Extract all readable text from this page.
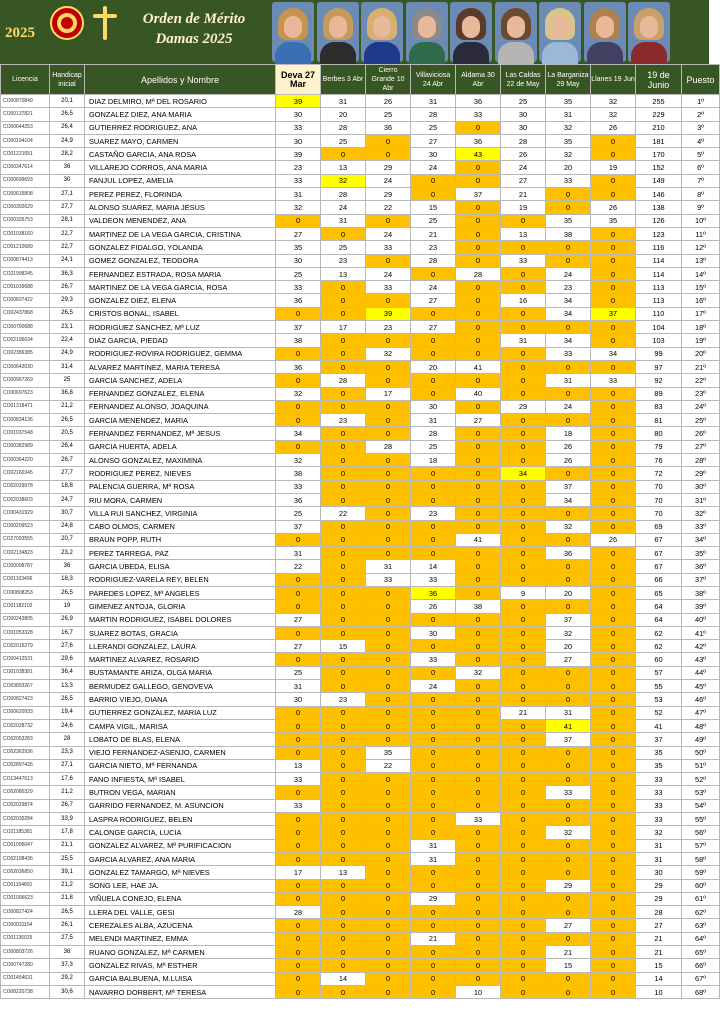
2025
Orden de Mérito
Damas 2025
Licencia	Handicap inicial	Apellidos y Nombre	Deva 27 Mar	Berbes 3 Abr	Cierro Grande 10 Abr	Villaviciosa 24 Abr	Aldama 30 Abr	Las Caldas 22 de May	La Barganiza 29 May	Llanes 19 Jun	19 de Junio	Puesto
CO00870849	20,1	DIAZ DELMIRO, Mª DEL ROSARIO	39	31	26	31	36	25	35	32	255	1º
CO00137821	26,5	GONZALEZ DIEZ, ANA MARIA	30	20	25	28	33	30	31	32	229	2º
CO00644253	26,4	GUTIERREZ RODRIGUEZ, ANA	33	28	36	25	0	30	32	26	210	3º
CO00194104	24,9	SUAREZ MAYO, CARMEN	30	25	0	27	36	28	35	0	181	4º
CO01221651	28,2	CASTAÑO GARCIA, ANA ROSA	39	0	0	30	43	26	32	0	170	5º
CO00347614	36	VILLAREJO CORROS, ANA MARIA	23	13	29	24	0	24	20	19	152	6º
CO00699693	30	FANJUL LOPEZ, AMELIA	33	32	24	0	0	27	33	0	149	7º
CO00615808	27,1	PEREZ PEREZ, FLORINDA	31	28	29	0	37	21	0	0	146	8º
CO00392629	27,7	ALONSO SUAREZ, MARIA JESUS	32	24	22	15	0	19	0	26	138	9º
CO00326753	28,1	VALDEON MENENDEZ, ANA	0	31	0	25	0	0	35	35	126	10º
CO01038160	22,7	MARTINEZ DE LA VEGA GARCIA, CRISTINA	27	0	24	21	0	13	38	0	123	11º
CO01210689	22,7	GONZALEZ FIDALGO, YOLANDA	35	25	33	23	0	0	0	0	116	12º
CO00874413	24,1	GOMEZ GONZALEZ, TEODORA	30	23	0	28	0	33	0	0	114	13º
CO21998245	36,3	FERNANDEZ ESTRADA, ROSA MARIA	25	13	24	0	28	0	24	0	114	14º
CO01039688	26,7	MARTINEZ DE LA VEGA GARCIA, ROSA	33	0	33	24	0	0	23	0	113	15º
CO00837422	29,3	GONZALEZ DIEZ, ELENA	36	0	0	27	0	16	34	0	113	16º
CO02437868	26,5	CRISTOS BONAL, ISABEL	0	0	39	0	0	0	34	37	110	17º
CO00790688	23,1	RODRIGUEZ SANCHEZ, Mª LUZ	37	17	23	27	0	0	0	0	104	18º
CO02196634	22,4	DIAZ GARCIA, PIEDAD	38	0	0	0	0	31	34	0	103	19º
CO02386385	24,9	RODRIGUEZ-ROVIRA RODRIGUEZ, GEMMA	0	0	32	0	0	0	33	34	99	20º
CO00642030	31,4	ALVAREZ MARTINEZ, MARIA TERESA	36	0	0	20	41	0	0	0	97	21º
CO00967269	25	GARCIA SANCHEZ, ADELA	0	28	0	0	0	0	31	33	92	22º
CO00697623	36,8	FERNANDEZ GONZALEZ, ELENA	32	0	17	0	40	0	0	0	89	23º
CO01318471	21,2	FERNANDEZ ALONSO, JOAQUINA	0	0	0	30	0	29	24	0	83	24º
CO00834136	26,5	GARCIA MENENDEZ, MARIA	0	23	0	31	27	0	0	0	81	25º
CO01037548	20,5	FERNANDEZ FERNANDEZ, Mª JESUS	34	0	0	28	0	0	18	0	80	26º
CO00382989	26,4	GARCIA HUERTA, ADELA	0	0	28	25	0	0	26	0	79	27º
CO00364220	26,7	ALONSO GONZALEZ, MAXIMINA	32	0	0	18	0	0	26	0	76	28º
CO02160345	27,7	RODRIGUEZ PEREZ, NIEVES	38	0	0	0	0	34	0	0	72	29º
CO02029978	18,8	PALENCIA GUERRA, Mª ROSA	33	0	0	0	0	0	37	0	70	30º
CO02038603	24,7	RIU MORA, CARMEN	36	0	0	0	0	0	34	0	70	31º
CO00431929	30,7	VILLA RUI SANCHEZ, VIRGINIA	25	22	0	23	0	0	0	0	70	32º
CO00209523	24,8	CABO OLMOS, CARMEN	37	0	0	0	0	0	32	0	69	33º
CO27093555	20,7	BRAUN POPP, RUTH	0	0	0	0	41	0	0	26	67	34º
CO02134823	23,2	PEREZ TARREGA, PAZ	31	0	0	0	0	0	36	0	67	35º
CO00098787	36	GARCIA UBEDA, ELISA	22	0	31	14	0	0	0	0	67	36º
CO01103496	18,3	RODRIGUEZ-VARELA REY, BELEN	0	0	33	33	0	0	0	0	66	37º
CO00808253	26,5	PAREDES LOPEZ, Mª ANGELES	0	0	0	36	0	9	20	0	65	38º
CO01182102	19	GIMENEZ ANTOJA, GLORIA	0	0	0	26	38	0	0	0	64	39º
CO00243805	26,9	MARTIN RODRIGUEZ, ISABEL DOLORES	27	0	0	0	0	0	37	0	64	40º
CO01053328	16,7	SUAREZ BOTAS, GRACIA	0	0	0	30	0	0	32	0	62	41º
CO02015279	27,6	LLERANDI GONZALEZ, LAURA	27	15	0	0	0	0	20	0	62	42º
CO00412531	29,6	MARTINEZ ALVAREZ, ROSARIO	0	0	0	33	0	0	27	0	60	43º
CO01038381	36,4	BUSTAMANTE ARIZA, OLGA MARIA	25	0	0	0	32	0	0	0	57	44º
CO03893267	13,3	BERMUDEZ GALLEGO, GENOVEVA	31	0	0	24	0	0	0	0	55	45º
CO00827423	26,5	BARRIO VIEJO, DIANA	30	23	0	0	0	0	0	0	53	46º
CO00620933	19,4	GUTIERREZ GONZALEZ, MARIA LUZ	0	0	0	0	0	21	31	0	52	47º
CO02028732	24,6	CAMPA VIGIL, MARISA	0	0	0	0	0	0	41	0	41	48º
CO02053283	28	LOBATO DE BLAS, ELENA	0	0	0	0	0	0	37	0	37	49º
CO02362936	23,3	VIEJO FERNANDEZ-ASENJO, CARMEN	0	0	35	0	0	0	0	0	35	50º
CO02897426	27,1	GARCIA NIETO, Mª FERNANDA	13	0	22	0	0	0	0	0	35	51º
CO13447613	17,6	FANO INFIESTA, Mª ISABEL	33	0	0	0	0	0	0	0	33	52º
CO02080329	21,2	BUTRON VEGA, MARIAN	0	0	0	0	0	0	33	0	33	53º
CO02029874	26,7	GARRIDO FERNANDEZ, M. ASUNCION	33	0	0	0	0	0	0	0	33	54º
CO02035284	33,9	LASPRA RODRIGUEZ, BELEN	0	0	0	0	33	0	0	0	33	55º
CO21185381	17,8	CALONGE GARCIA, LUCIA	0	0	0	0	0	0	32	0	32	56º
CO01095047	21,1	GONZALEZ ALVAREZ, Mª PURIFICACION	0	0	0	31	0	0	0	0	31	57º
CO02198436	25,5	GARCIA ALVAREZ, ANA MARIA	0	0	0	31	0	0	0	0	31	58º
CO02036850	39,1	GONZALEZ TAMARGO, Mª NIEVES	17	13	0	0	0	0	0	0	30	59º
CO01154891	21,2	SONG LEE, HAE JA.	0	0	0	0	0	0	29	0	29	60º
CO01096623	21,8	VIÑUELA CONEJO, ELENA	0	0	0	29	0	0	0	0	29	61º
CO00827424	26,5	LLERA DEL VALLE, GESI	28	0	0	0	0	0	0	0	28	62º
CO00031154	26,1	CEREZALES ALBA, AZUCENA	0	0	0	0	0	0	27	0	27	63º
CO01136025	27,5	MELENDI MARTINEZ, EMMA	0	0	0	21	0	0	0	0	21	64º
CO00803726	36	RUANO GONZALEZ, Mª CARMEN	0	0	0	0	0	0	21	0	21	65º
CO00747280	37,3	GONZALEZ RIVAS, Mª ESTHER	0	0	0	0	0	0	15	0	15	66º
CO01454631	29,2	GARCIA BALBUENA, M.LUISA	0	14	0	0	0	0	0	0	14	67º
CO08220738	30,6	NAVARRO DORBERT, Mª TERESA	0	0	0	0	10	0	0	0	10	68º
